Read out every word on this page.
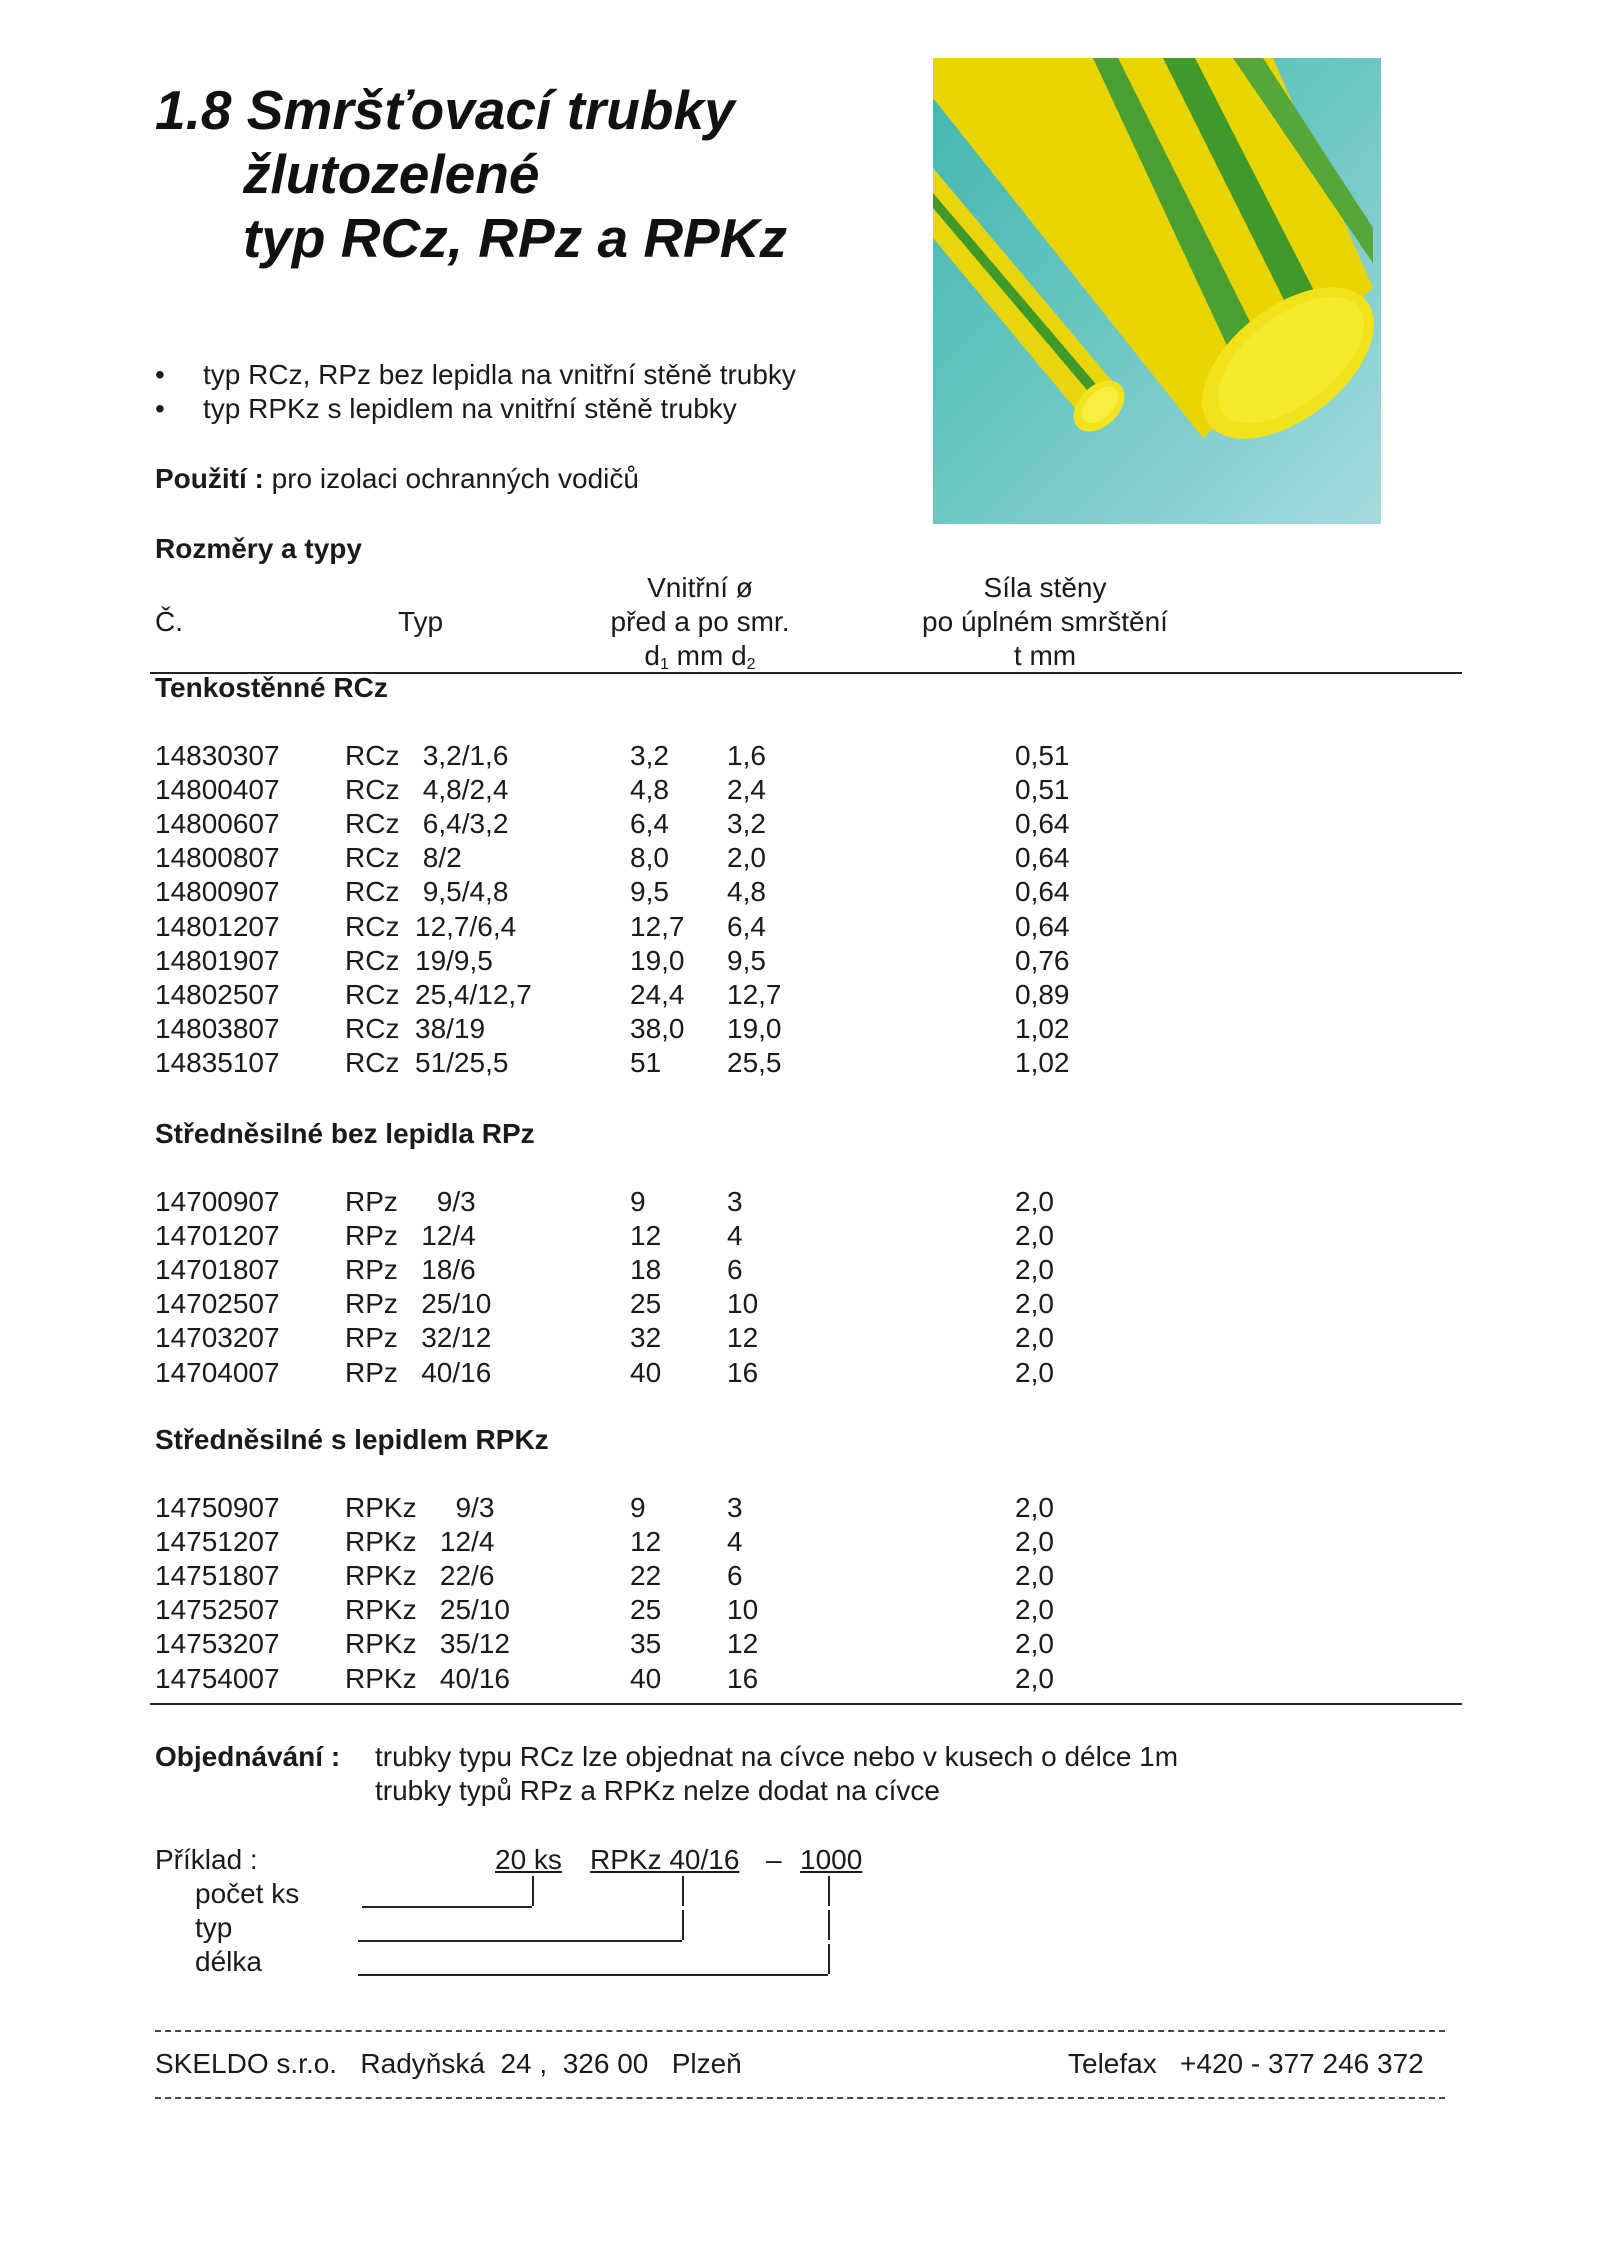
1.8 Smršťovací trubky
žlutozelené
typ RCz, RPz a RPKz
• typ RCz, RPz bez lepidla na vnitřní stěně trubky
• typ RPKz s lepidlem na vnitřní stěně trubky
Použití : pro izolaci ochranných vodičů
Rozměry a typy
Č.	Typ
Vnitřní ø
před a po smr.
$d_1$ mm $d_2$
Síla stěny
po úplném smrštění
t mm
Tenkostěnné RCz
14830307 RCz   3,2/1,6	3,2 1,6	0,51
14800407 RCz   4,8/2,4	4,8 2,4	0,51
14800607 RCz   6,4/3,2	6,4 3,2	0,64
14800807 RCz   8/2	8,0 2,0	0,64
14800907 RCz   9,5/4,8	9,5 4,8	0,64
14801207 RCz  12,7/6,4	12,7 6,4	0,64
14801907 RCz  19/9,5	19,0 9,5	0,76
14802507 RCz  25,4/12,7	24,4 12,7	0,89
14803807 RCz  38/19	38,0 19,0	1,02
14835107 RCz  51/25,5	51 25,5	1,02
Středněsilné bez lepidla RPz
14700907 RPz     9/3	9	3	2,0
14701207 RPz   12/4	12 4	2,0
14701807 RPz   18/6	18 6	2,0
14702507 RPz   25/10	25 10	2,0
14703207 RPz   32/12	32 12	2,0
14704007 RPz   40/16	40 16	2,0
Středněsilné s lepidlem RPKz
14750907 RPKz     9/3	9	3	2,0
14751207 RPKz   12/4	12 4	2,0
14751807 RPKz   22/6	22 6	2,0
14752507 RPKz   25/10	25 10	2,0
14753207 RPKz   35/12	35 12	2,0
14754007 RPKz   40/16	40 16	2,0
Objednávání : trubky typu RCz lze objednat na cívce nebo v kusech o délce 1m
trubky typů RPz a RPKz nelze dodat na cívce
Příklad :	20 ks RPKz 40/16 – 1000
počet ks
typ
délka
SKELDO s.r.o.   Radyňská  24 ,  326 00   Plzeň	Telefax   +420 - 377 246 372
